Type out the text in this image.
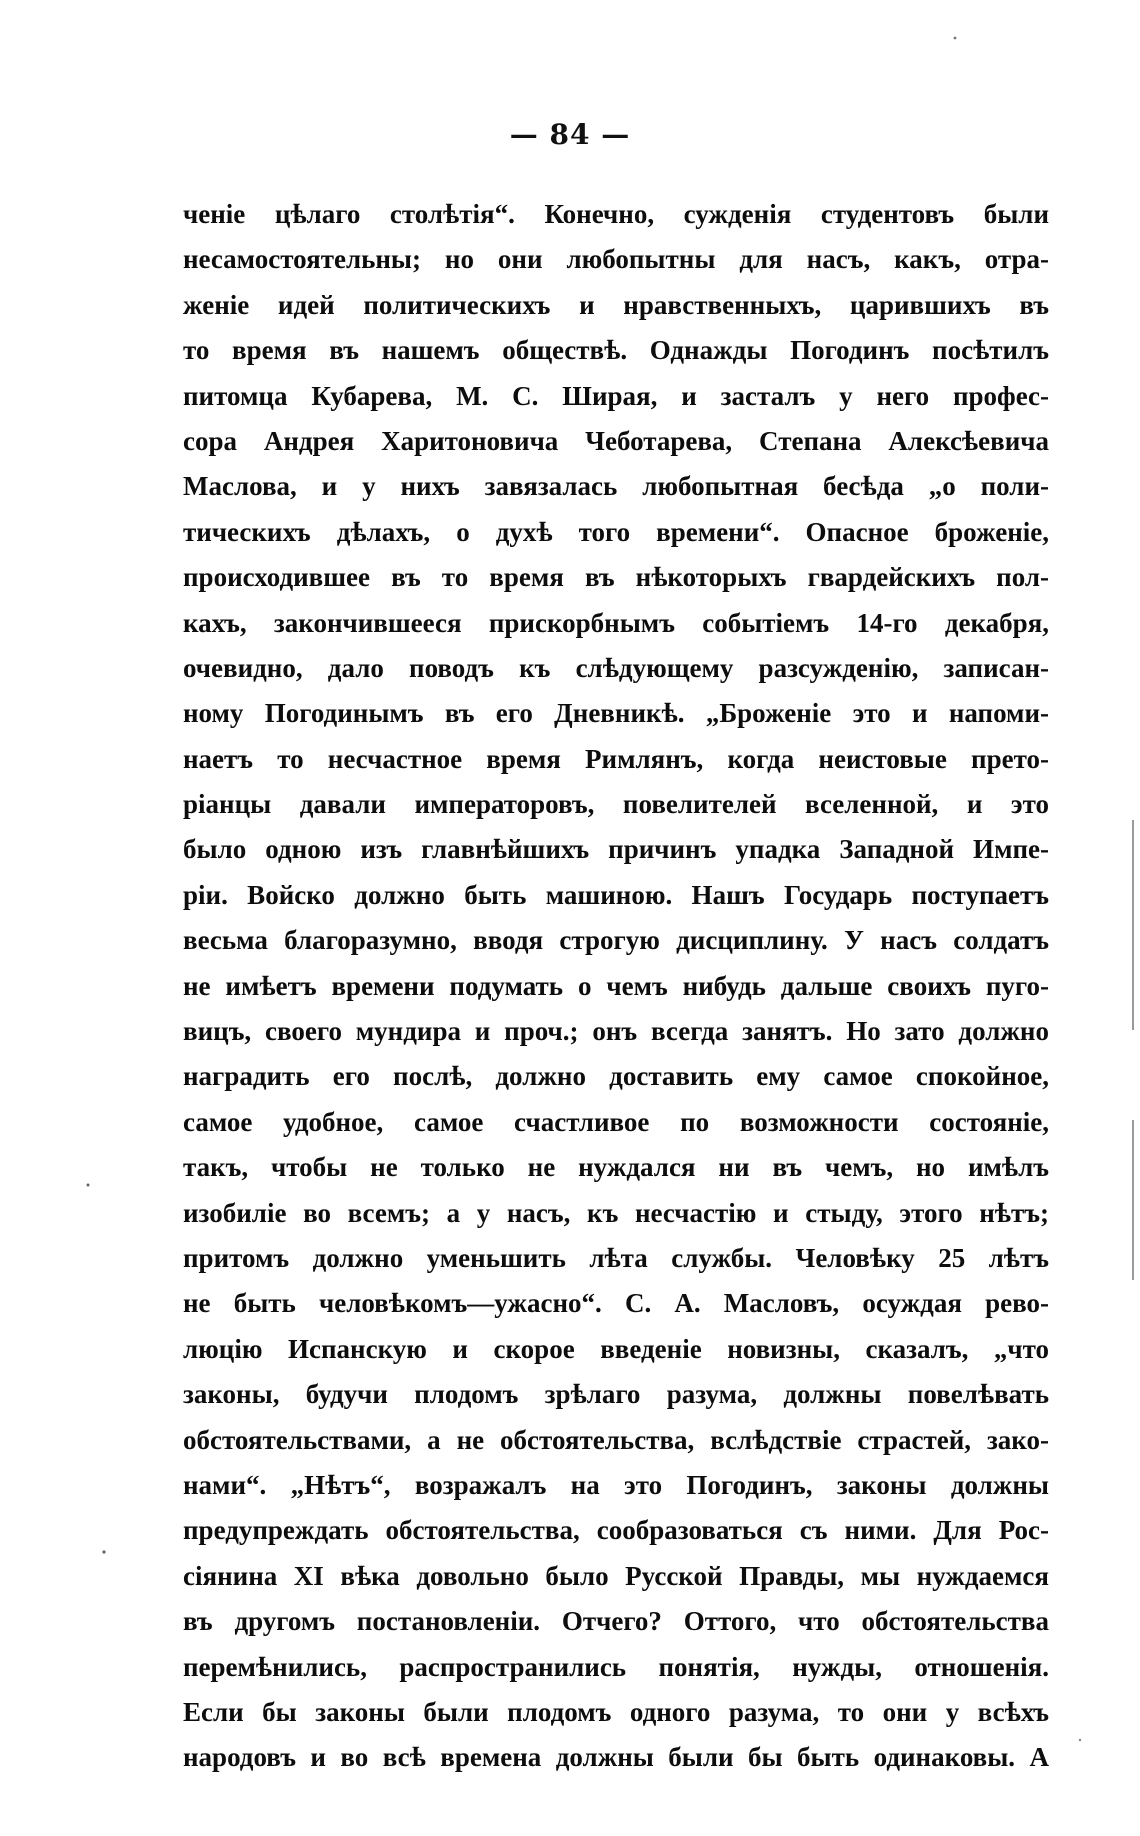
— 84 —
ченіе цѣлаго столѣтія“. Конечно, сужденія студентовъ были
несамостоятельны; но они любопытны для насъ, какъ, отра-
женіе идей политическихъ и нравственныхъ, царившихъ въ
то время въ нашемъ обществѣ. Однажды Погодинъ посѣтилъ
питомца Кубарева, М. С. Ширая, и засталъ у него профес-
сора Андрея Харитоновича Чеботарева, Степана Алексѣевича
Маслова, и у нихъ завязалась любопытная бесѣда „о поли-
тическихъ дѣлахъ, о духѣ того времени“. Опасное броженіе,
происходившее въ то время въ нѣкоторыхъ гвардейскихъ пол-
кахъ, закончившееся прискорбнымъ событіемъ 14-го декабря,
очевидно, дало поводъ къ слѣдующему разсужденію, записан-
ному Погодинымъ въ его Дневникѣ. „Броженіе это и напоми-
наетъ то несчастное время Римлянъ, когда неистовые прето-
ріанцы давали императоровъ, повелителей вселенной, и это
было одною изъ главнѣйшихъ причинъ упадка Западной Импе-
ріи. Войско должно быть машиною. Нашъ Государь поступаетъ
весьма благоразумно, вводя строгую дисциплину. У насъ солдатъ
не имѣетъ времени подумать о чемъ нибудь дальше своихъ пуго-
вицъ, своего мундира и проч.; онъ всегда занятъ. Но зато должно
наградить его послѣ, должно доставить ему самое спокойное,
самое удобное, самое счастливое по возможности состояніе,
такъ, чтобы не только не нуждался ни въ чемъ, но имѣлъ
изобиліе во всемъ; а у насъ, къ несчастію и стыду, этого нѣтъ;
притомъ должно уменьшить лѣта службы. Человѣку 25 лѣтъ
не быть человѣкомъ—ужасно“. С. А. Масловъ, осуждая рево-
люцію Испанскую и скорое введеніе новизны, сказалъ, „что
законы, будучи плодомъ зрѣлаго разума, должны повелѣвать
обстоятельствами, а не обстоятельства, вслѣдствіе страстей, зако-
нами“. „Нѣтъ“, возражалъ на это Погодинъ, законы должны
предупреждать обстоятельства, сообразоваться съ ними. Для Рос-
сіянина XI вѣка довольно было Русской Правды, мы нуждаемся
въ другомъ постановленіи. Отчего? Оттого, что обстоятельства
перемѣнились, распространились понятія, нужды, отношенія.
Если бы законы были плодомъ одного разума, то они у всѣхъ
народовъ и во всѣ времена должны были бы быть одинаковы. А
